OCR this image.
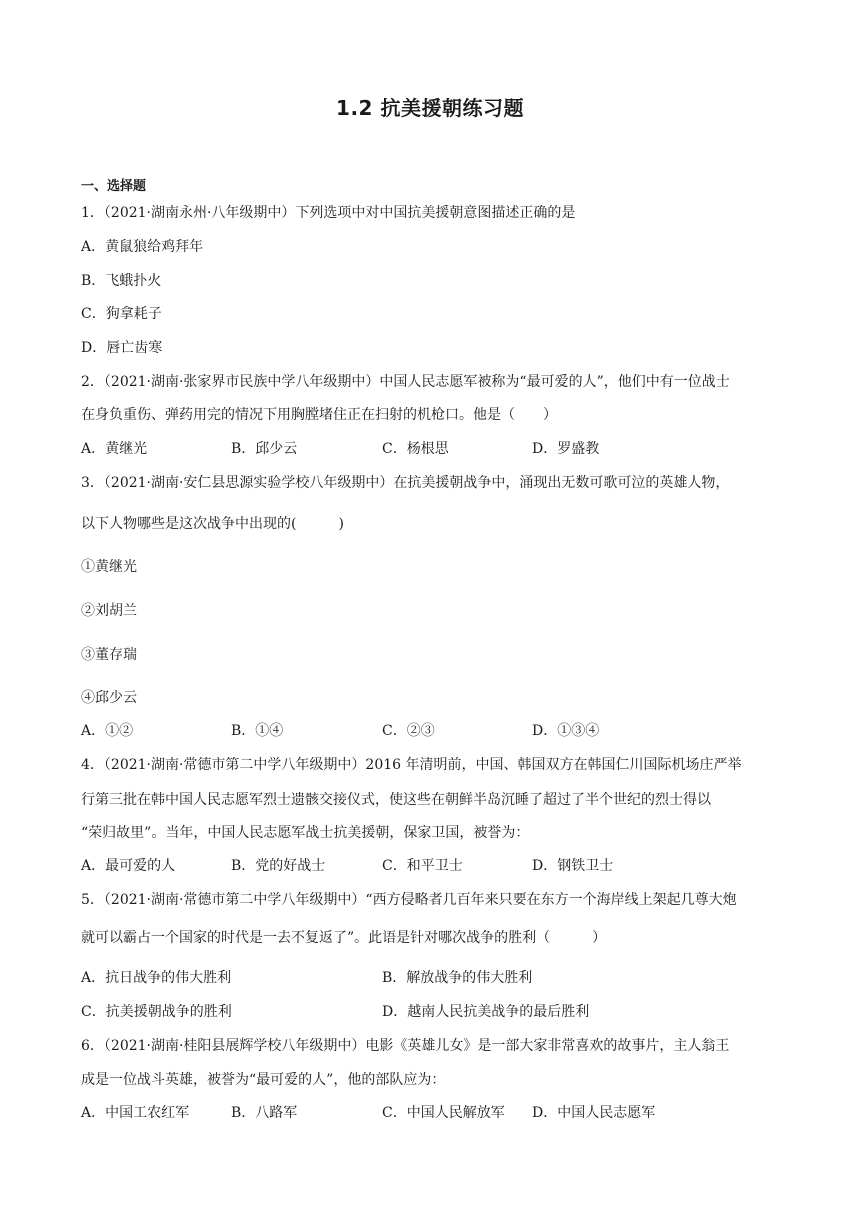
1.2 抗美援朝练习题
一、选择题
1．（2021·湖南永州·八年级期中）下列选项中对中国抗美援朝意图描述正确的是
A．黄鼠狼给鸡拜年
B．飞蛾扑火
C．狗拿耗子
D．唇亡齿寒
2．（2021·湖南·张家界市民族中学八年级期中）中国人民志愿军被称为“最可爱的人”，他们中有一位战士
在身负重伤、弹药用完的情况下用胸膛堵住正在扫射的机枪口。他是（　　）
A．黄继光	B．邱少云	C．杨根思	D．罗盛教
3．（2021·湖南·安仁县思源实验学校八年级期中）在抗美援朝战争中，涌现出无数可歌可泣的英雄人物，
以下人物哪些是这次战争中出现的(　　　)
①黄继光
②刘胡兰
③董存瑞
④邱少云
A．①②	B．①④	C．②③	D．①③④
4．（2021·湖南·常德市第二中学八年级期中）2016 年清明前，中国、韩国双方在韩国仁川国际机场庄严举
行第三批在韩中国人民志愿军烈士遗骸交接仪式，使这些在朝鲜半岛沉睡了超过了半个世纪的烈士得以
“荣归故里”。当年，中国人民志愿军战士抗美援朝，保家卫国，被誉为：
A．最可爱的人	B．党的好战士	C．和平卫士	D．钢铁卫士
5．（2021·湖南·常德市第二中学八年级期中）“西方侵略者几百年来只要在东方一个海岸线上架起几尊大炮
就可以霸占一个国家的时代是一去不复返了”。此语是针对哪次战争的胜利（　　　）
A．抗日战争的伟大胜利	B．解放战争的伟大胜利
C．抗美援朝战争的胜利	D．越南人民抗美战争的最后胜利
6．（2021·湖南·桂阳县展辉学校八年级期中）电影《英雄儿女》是一部大家非常喜欢的故事片，主人翁王
成是一位战斗英雄，被誉为“最可爱的人”，他的部队应为：
A．中国工农红军	B．八路军	C．中国人民解放军 D．中国人民志愿军
